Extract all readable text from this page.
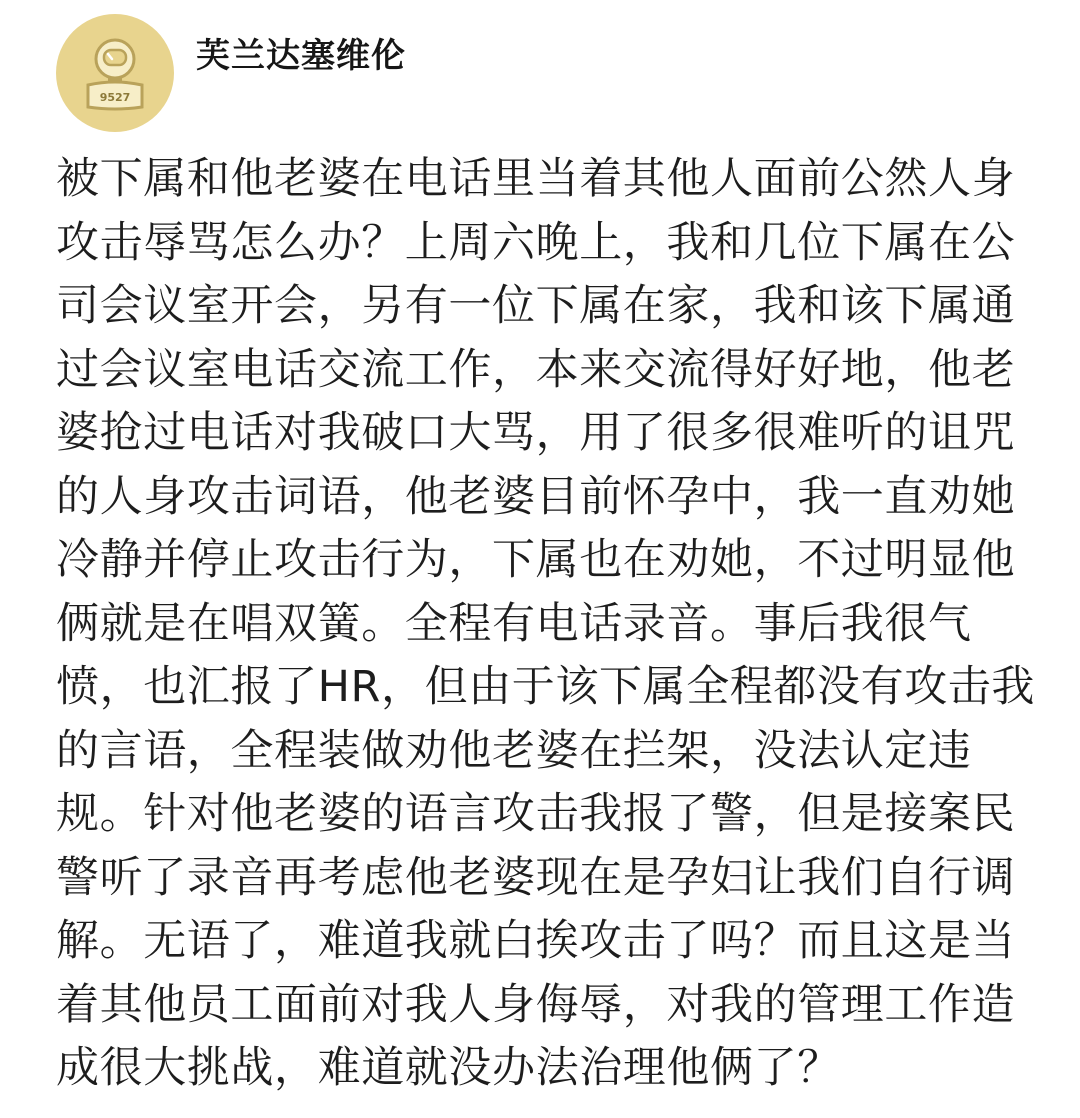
9527
芙兰达塞维伦
被下属和他老婆在电话里当着其他人面前公然人身
攻击辱骂怎么办？上周六晚上，我和几位下属在公
司会议室开会，另有一位下属在家，我和该下属通
过会议室电话交流工作，本来交流得好好地，他老
婆抢过电话对我破口大骂，用了很多很难听的诅咒
的人身攻击词语，他老婆目前怀孕中，我一直劝她
冷静并停止攻击行为，下属也在劝她，不过明显他
俩就是在唱双簧。全程有电话录音。事后我很气
愤，也汇报了HR，但由于该下属全程都没有攻击我
的言语，全程装做劝他老婆在拦架，没法认定违
规。针对他老婆的语言攻击我报了警，但是接案民
警听了录音再考虑他老婆现在是孕妇让我们自行调
解。无语了，难道我就白挨攻击了吗？而且这是当
着其他员工面前对我人身侮辱，对我的管理工作造
成很大挑战，难道就没办法治理他俩了？
